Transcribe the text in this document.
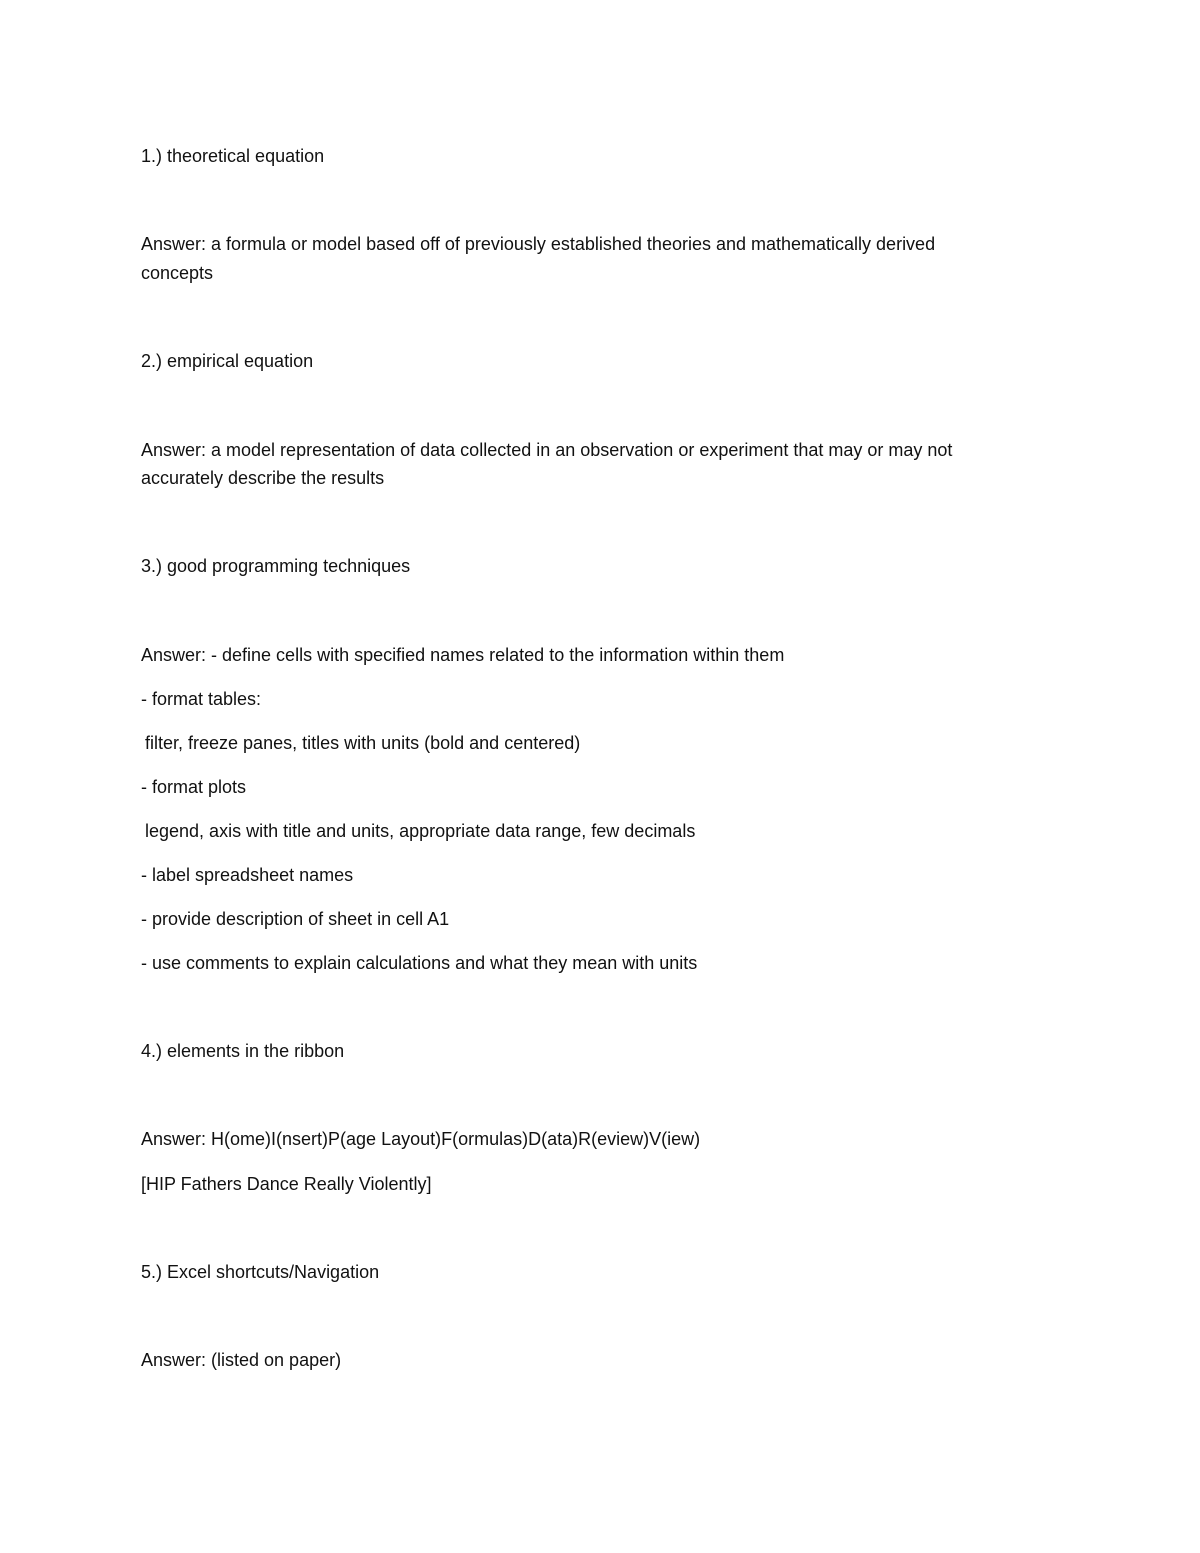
1.) theoretical equation
Answer: a formula or model based off of previously established theories and mathematically derived
concepts
2.) empirical equation
Answer: a model representation of data collected in an observation or experiment that may or may not
accurately describe the results
3.) good programming techniques
Answer: - define cells with specified names related to the information within them
- format tables:
filter, freeze panes, titles with units (bold and centered)
- format plots
legend, axis with title and units, appropriate data range, few decimals
- label spreadsheet names
- provide description of sheet in cell A1
- use comments to explain calculations and what they mean with units
4.) elements in the ribbon
Answer: H(ome)I(nsert)P(age Layout)F(ormulas)D(ata)R(eview)V(iew)
[HIP Fathers Dance Really Violently]
5.) Excel shortcuts/Navigation
Answer: (listed on paper)
